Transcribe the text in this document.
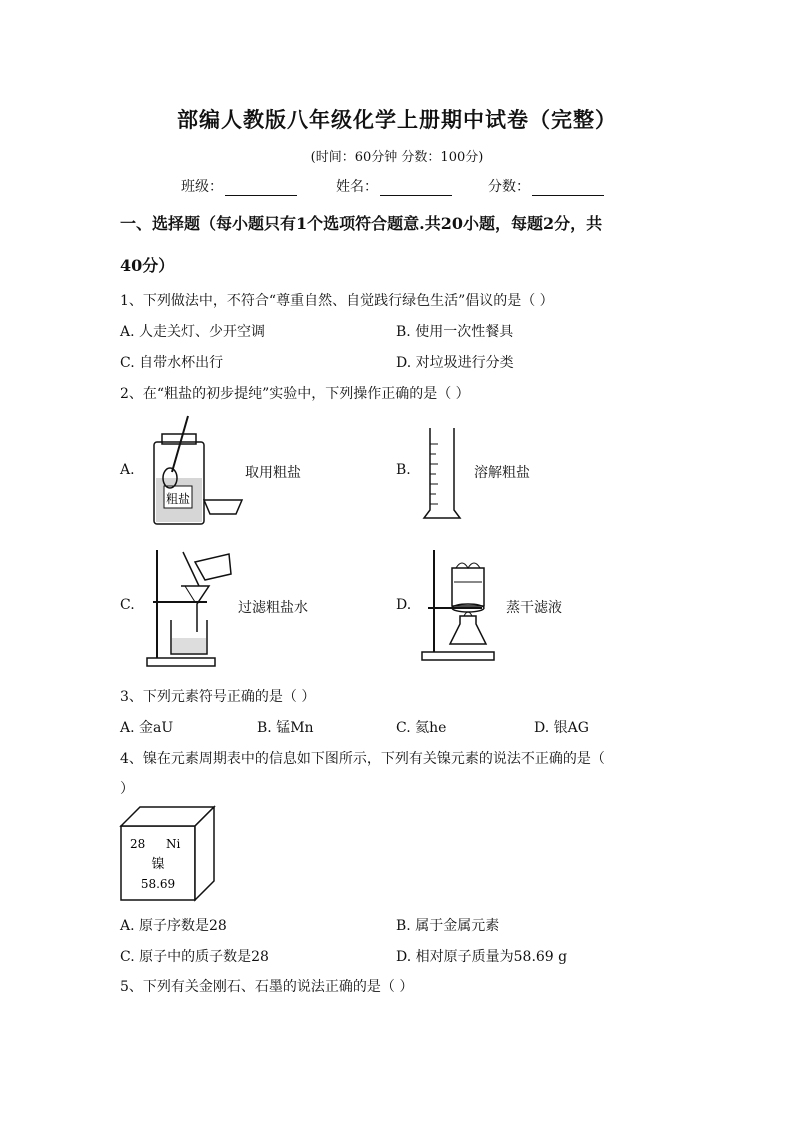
部编人教版八年级化学上册期中试卷（完整）
(时间：60分钟 分数：100分)
班级：	姓名：	分数：
一、选择题（每小题只有1个选项符合题意.共20小题，每题2分，共
40分）
1、下列做法中，不符合“尊重自然、自觉践行绿色生活”倡议的是（ ）
A. 人走关灯、少开空调	B. 使用一次性餐具
C. 自带水杯出行	D. 对垃圾进行分类
2、在“粗盐的初步提纯”实验中，下列操作正确的是（ ）
A.
粗盐
取用粗盐	B.	溶解粗盐
C.	过滤粗盐水	D.	蒸干滤液
3、下列元素符号正确的是（ ）
A. 金aU	B. 锰Mn	C. 氦he	D. 银AG
4、镍在元素周期表中的信息如下图所示，下列有关镍元素的说法不正确的是（
）
28 Ni
镍
58.69
A. 原子序数是28	B. 属于金属元素
C. 原子中的质子数是28	D. 相对原子质量为58.69 g
5、下列有关金刚石、石墨的说法正确的是（ ）
